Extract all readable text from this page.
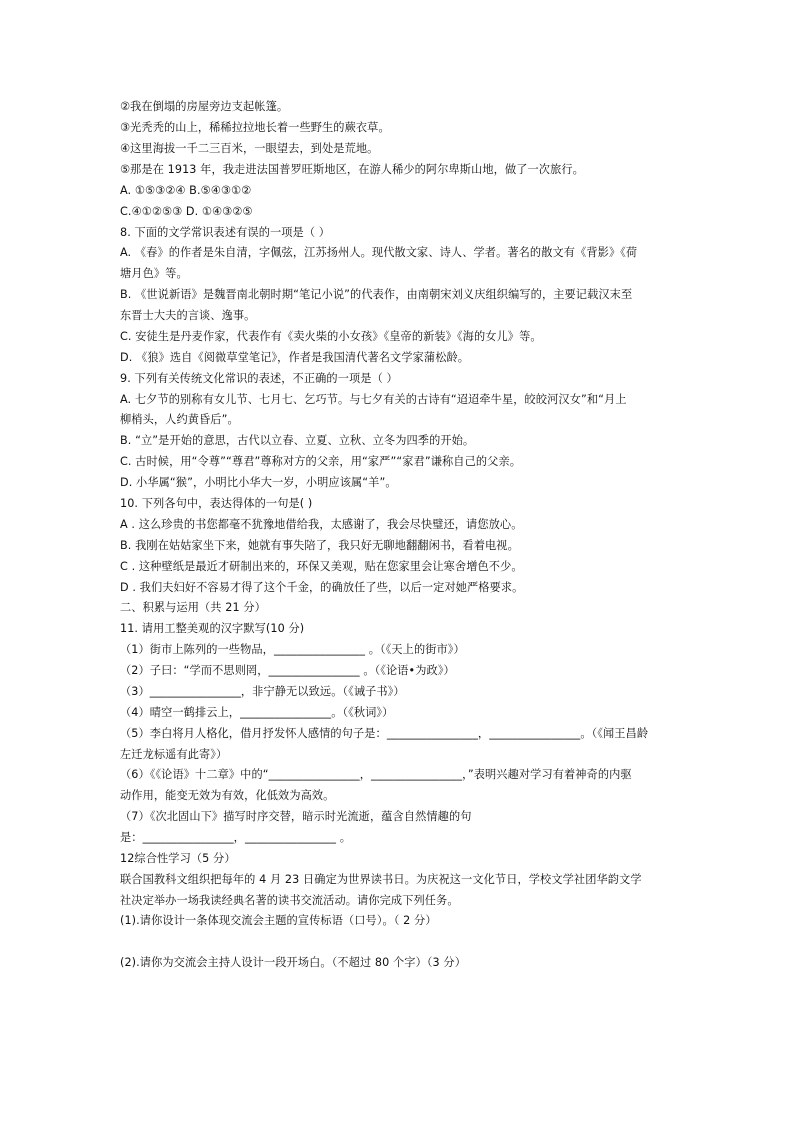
②我在倒塌的房屋旁边支起帐篷。
③光秃秃的山上，稀稀拉拉地长着一些野生的蕨衣草。
④这里海拔一千二三百米，一眼望去，到处是荒地。
⑤那是在 1913 年，我走进法国普罗旺斯地区，在游人稀少的阿尔卑斯山地，做了一次旅行。
A. ①⑤③②④ B.⑤④③①②
C.④①②⑤③ D. ①④③②⑤
8. 下面的文学常识表述有误的一项是（ ）
A. 《春》的作者是朱自清，字佩弦，江苏扬州人。现代散文家、诗人、学者。著名的散文有《背影》《荷
塘月色》等。
B. 《世说新语》是魏晋南北朝时期“笔记小说”的代表作，由南朝宋刘义庆组织编写的，主要记载汉末至
东晋士大夫的言谈、逸事。
C. 安徒生是丹麦作家，代表作有《卖火柴的小女孩》《皇帝的新装》《海的女儿》等。
D. 《狼》选自《阅微草堂笔记》，作者是我国清代著名文学家蒲松龄。
9. 下列有关传统文化常识的表述，不正确的一项是（ ）
A. 七夕节的别称有女儿节、七月七、乞巧节。与七夕有关的古诗有“迢迢牵牛星，皎皎河汉女”和“月上
柳梢头，人约黄昏后”。
B. “立”是开始的意思，古代以立春、立夏、立秋、立冬为四季的开始。
C. 古时候，用“令尊”“尊君”尊称对方的父亲，用“家严”“家君”谦称自己的父亲。
D. 小华属“猴”，小明比小华大一岁，小明应该属“羊”。
10. 下列各句中，表达得体的一句是( )
A . 这么珍贵的书您都毫不犹豫地借给我，太感谢了，我会尽快璧还，请您放心。
B. 我刚在姑姑家坐下来，她就有事失陪了，我只好无聊地翻翻闲书，看着电视。
C . 这种壁纸是最近才研制出来的，环保又美观，贴在您家里会让寒舍增色不少。
D . 我们夫妇好不容易才得了这个千金，的确放任了些，以后一定对她严格要求。
二、积累与运用（共 21 分）
11. 请用工整美观的汉字默写(10 分)
（1）街市上陈列的一些物品，________________ 。（《天上的街市》）
（2）子曰：“学而不思则罔，________________ 。（《论语•为政》）
（3）________________，非宁静无以致远。（《诫子书》）
（4）晴空一鹤排云上，________________。（《秋词》）
（5）李白将月人格化，借月抒发怀人感情的句子是：________________，________________。（《闻王昌龄
左迁龙标遥有此寄》）
（6）《《论语》十二章》中的“________________，________________，”表明兴趣对学习有着神奇的内驱
动作用，能变无效为有效，化低效为高效。
（7）《次北固山下》描写时序交替，暗示时光流逝，蕴含自然情趣的句
是：________________，________________ 。
12综合性学习（5 分）
联合国教科文组织把每年的 4 月 23 日确定为世界读书日。为庆祝这一文化节日，学校文学社团华韵文学
社决定举办一场我读经典名著的读书交流活动。请你完成下列任务。
(1).请你设计一条体现交流会主题的宣传标语（口号）。（ 2 分）
(2).请你为交流会主持人设计一段开场白。（不超过 80 个字）（3 分）
